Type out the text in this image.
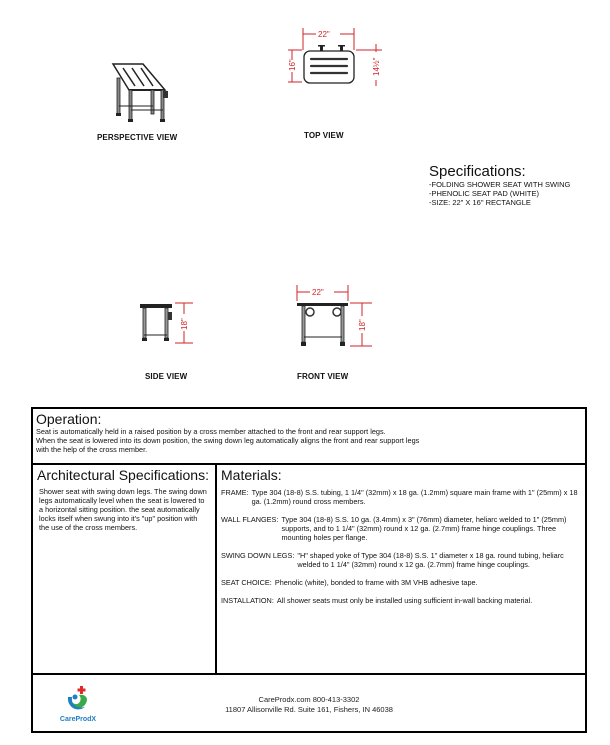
PERSPECTIVE VIEW
22"
16"	14½"
TOP VIEW
Specifications:
-FOLDING SHOWER SEAT WITH SWING
-PHENOLIC SEAT PAD (WHITE)
-SIZE: 22" X 16" RECTANGLE
18"
SIDE VIEW
22"
18"
FRONT VIEW
Operation:
Seat is automatically held in a raised position by a cross member attached to the front and rear support legs.
When the seat is lowered into its down position, the swing down leg automatically aligns the front and rear support legs
with the help of the cross member.
Architectural Specifications:
Shower seat with swing down legs. The swing down legs automatically level when the seat is lowered to a horizontal sitting position. the seat automatically locks itself when swung into it's "up" position with the use of the cross members.
Materials:
FRAME: Type 304 (18-8) S.S. tubing, 1 1/4" (32mm) x 18 ga. (1.2mm) square main frame with 1" (25mm) x 18 ga. (1.2mm) round cross members.
WALL FLANGES: Type 304 (18-8) S.S. 10 ga. (3.4mm) x 3" (76mm) diameter, heliarc welded to 1" (25mm) supports, and to 1 1/4" (32mm) round x 12 ga. (2.7mm) frame hinge couplings. Three mounting holes per flange.
SWING DOWN LEGS: "H" shaped yoke of Type 304 (18-8) S.S. 1" diameter x 18 ga. round tubing, heliarc welded to 1 1/4" (32mm) round x 12 ga. (2.7mm) frame hinge couplings.
SEAT CHOICE: Phenolic (white), bonded to frame with 3M VHB adhesive tape.
INSTALLATION: All shower seats must only be installed using sufficient in-wall backing material.
CareProdX
CareProdx.com 800-413-3302
11807 Allisonville Rd. Suite 161, Fishers, IN 46038
